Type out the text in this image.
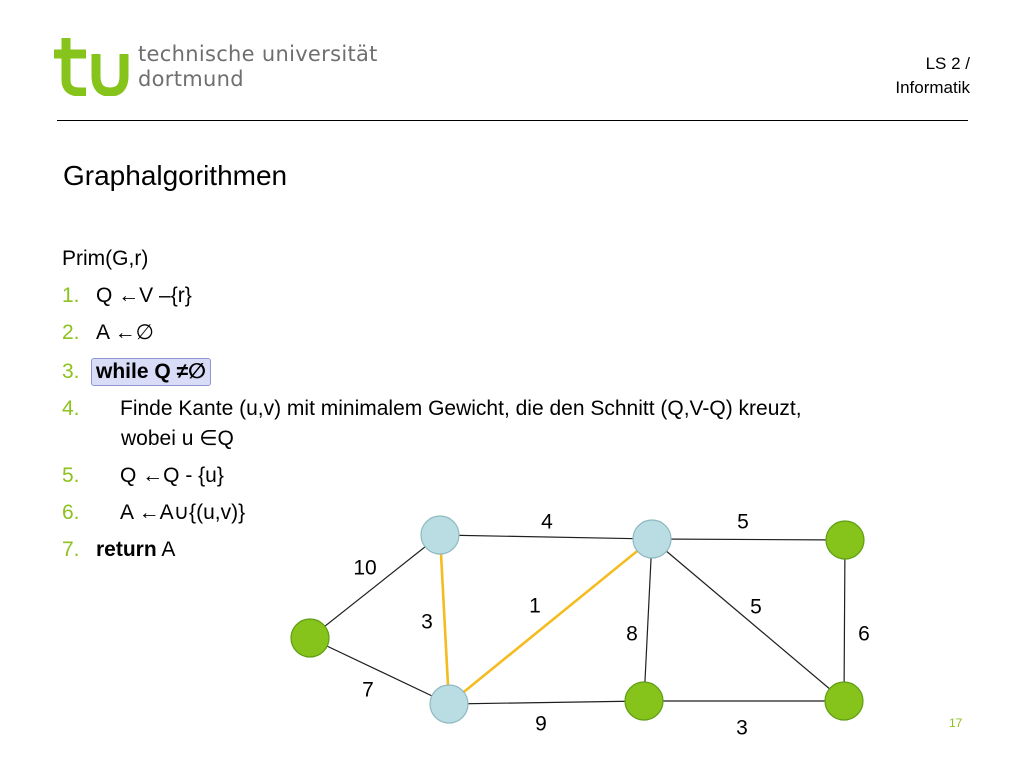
technische universität
dortmund
LS 2 /
Informatik
Graphalgorithmen
Prim(G,r)
1. Q ←V –{r}
2. A ←∅
3. while Q ≠∅
4. Finde Kante (u,v) mit minimalem Gewicht, die den Schnitt (Q,V-Q) kreuzt,
wobei u ∈Q
5. Q ←Q - {u}
6. A ←A∪{(u,v)}
7. return A
10
7
4
3
1
5
8
5
6
9	3	17
